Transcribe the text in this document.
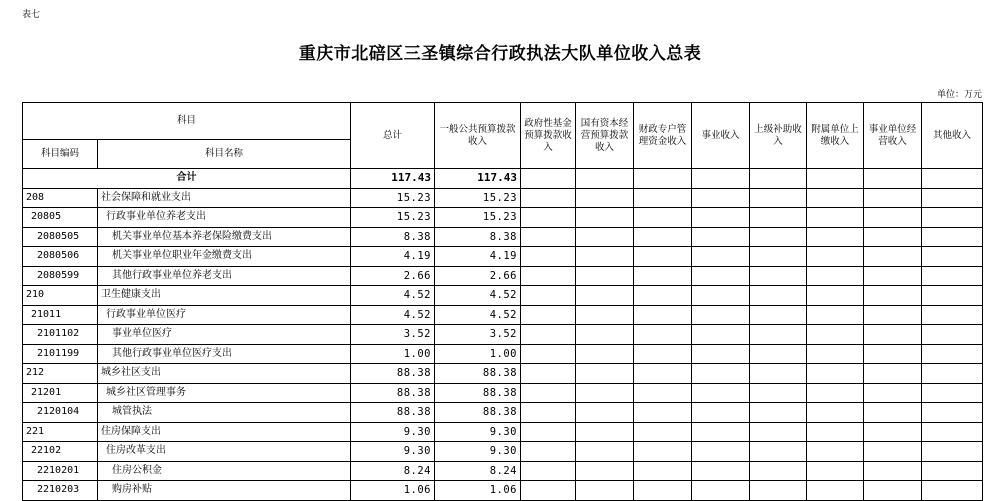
表七
重庆市北碚区三圣镇综合行政执法大队单位收入总表
单位：万元
科目		总计	一般公共预算拨款收入	政府性基金预算拨款收入	国有资本经营预算拨款收入	财政专户管理资金收入	事业收入	上级补助收入	附属单位上缴收入	事业单位经营收入	其他收入
科目编码	科目名称										
合计		117.43	117.43								
208	社会保障和就业支出	15.23	15.23								
20805	行政事业单位养老支出	15.23	15.23								
2080505	机关事业单位基本养老保险缴费支出	8.38	8.38								
2080506	机关事业单位职业年金缴费支出	4.19	4.19								
2080599	其他行政事业单位养老支出	2.66	2.66								
210	卫生健康支出	4.52	4.52								
21011	行政事业单位医疗	4.52	4.52								
2101102	事业单位医疗	3.52	3.52								
2101199	其他行政事业单位医疗支出	1.00	1.00								
212	城乡社区支出	88.38	88.38								
21201	城乡社区管理事务	88.38	88.38								
2120104	城管执法	88.38	88.38								
221	住房保障支出	9.30	9.30								
22102	住房改革支出	9.30	9.30								
2210201	住房公积金	8.24	8.24								
2210203	购房补贴	1.06	1.06								
